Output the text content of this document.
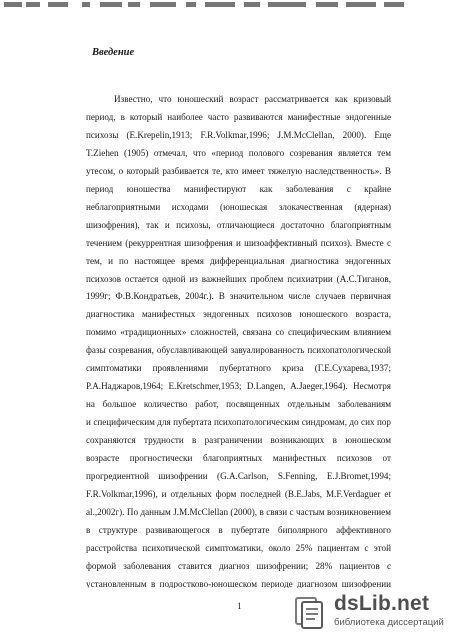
Введение
Известно, что юношеский возраст рассматривается как кризовый
период, в который наиболее часто развиваются манифестные эндогенные
психозы (E.Krepelin,1913; F.R.Volkmar,1996; J.M.McClellan, 2000). Еще
T.Ziehen (1905) отмечал, что «период полового созревания является тем
утесом, о который разбивается те, кто имеет тяжелую наследственность». В
период юношества манифестируют как заболевания с крайне
неблагоприятными исходами (юношеская злокачественная (ядерная)
шизофрения), так и психозы, отличающиеся достаточно благоприятным
течением (рекуррентная шизофрения и шизоаффективный психоз). Вместе с
тем, и по настоящее время дифференциальная диагностика эндогенных
психозов остается одной из важнейших проблем психиатрии (А.С.Тиганов,
1999г; Ф.В.Кондратьев, 2004г.). В значительном числе случаев первичная
диагностика манифестных эндогенных психозов юношеского возраста,
помимо «традиционных» сложностей, связана со специфическим влиянием
фазы созревания, обуславливающей завуалированность психопатологической
симптоматики проявлениями пубертатного криза (Г.Е.Сухарева,1937;
Р.А.Наджаров,1964; E.Kretschmer,1953; D.Langen, A.Jaeger,1964). Несмотря
на большое количество работ, посвященных отдельным заболеваниям
и специфическим для пубертата психопатологическим синдромам, до сих пор
сохраняются трудности в разграничении возникающих в юношеском
возрасте прогностически благоприятных манифестных психозов от
прогредиентной шизофрении (G.A.Carlson, S.Fenning, E.J.Bromet,1994;
F.R.Volkmar,1996), и отдельных форм последней (B.E.Jabs, M.F.Verdaguer et
al.,2002г). По данным J.M.McClellan (2000), в связи с частым возникновением
в структуре развивающегося в пубертате биполярного аффективного
расстройства психотической симптоматики, около 25% пациентам с этой
формой заболевания ставится диагноз шизофрении; 28% пациентов с
установленным в подростково-юношеском периоде диагнозом шизофрении
1	dsLib.net
библиотека диссертаций
